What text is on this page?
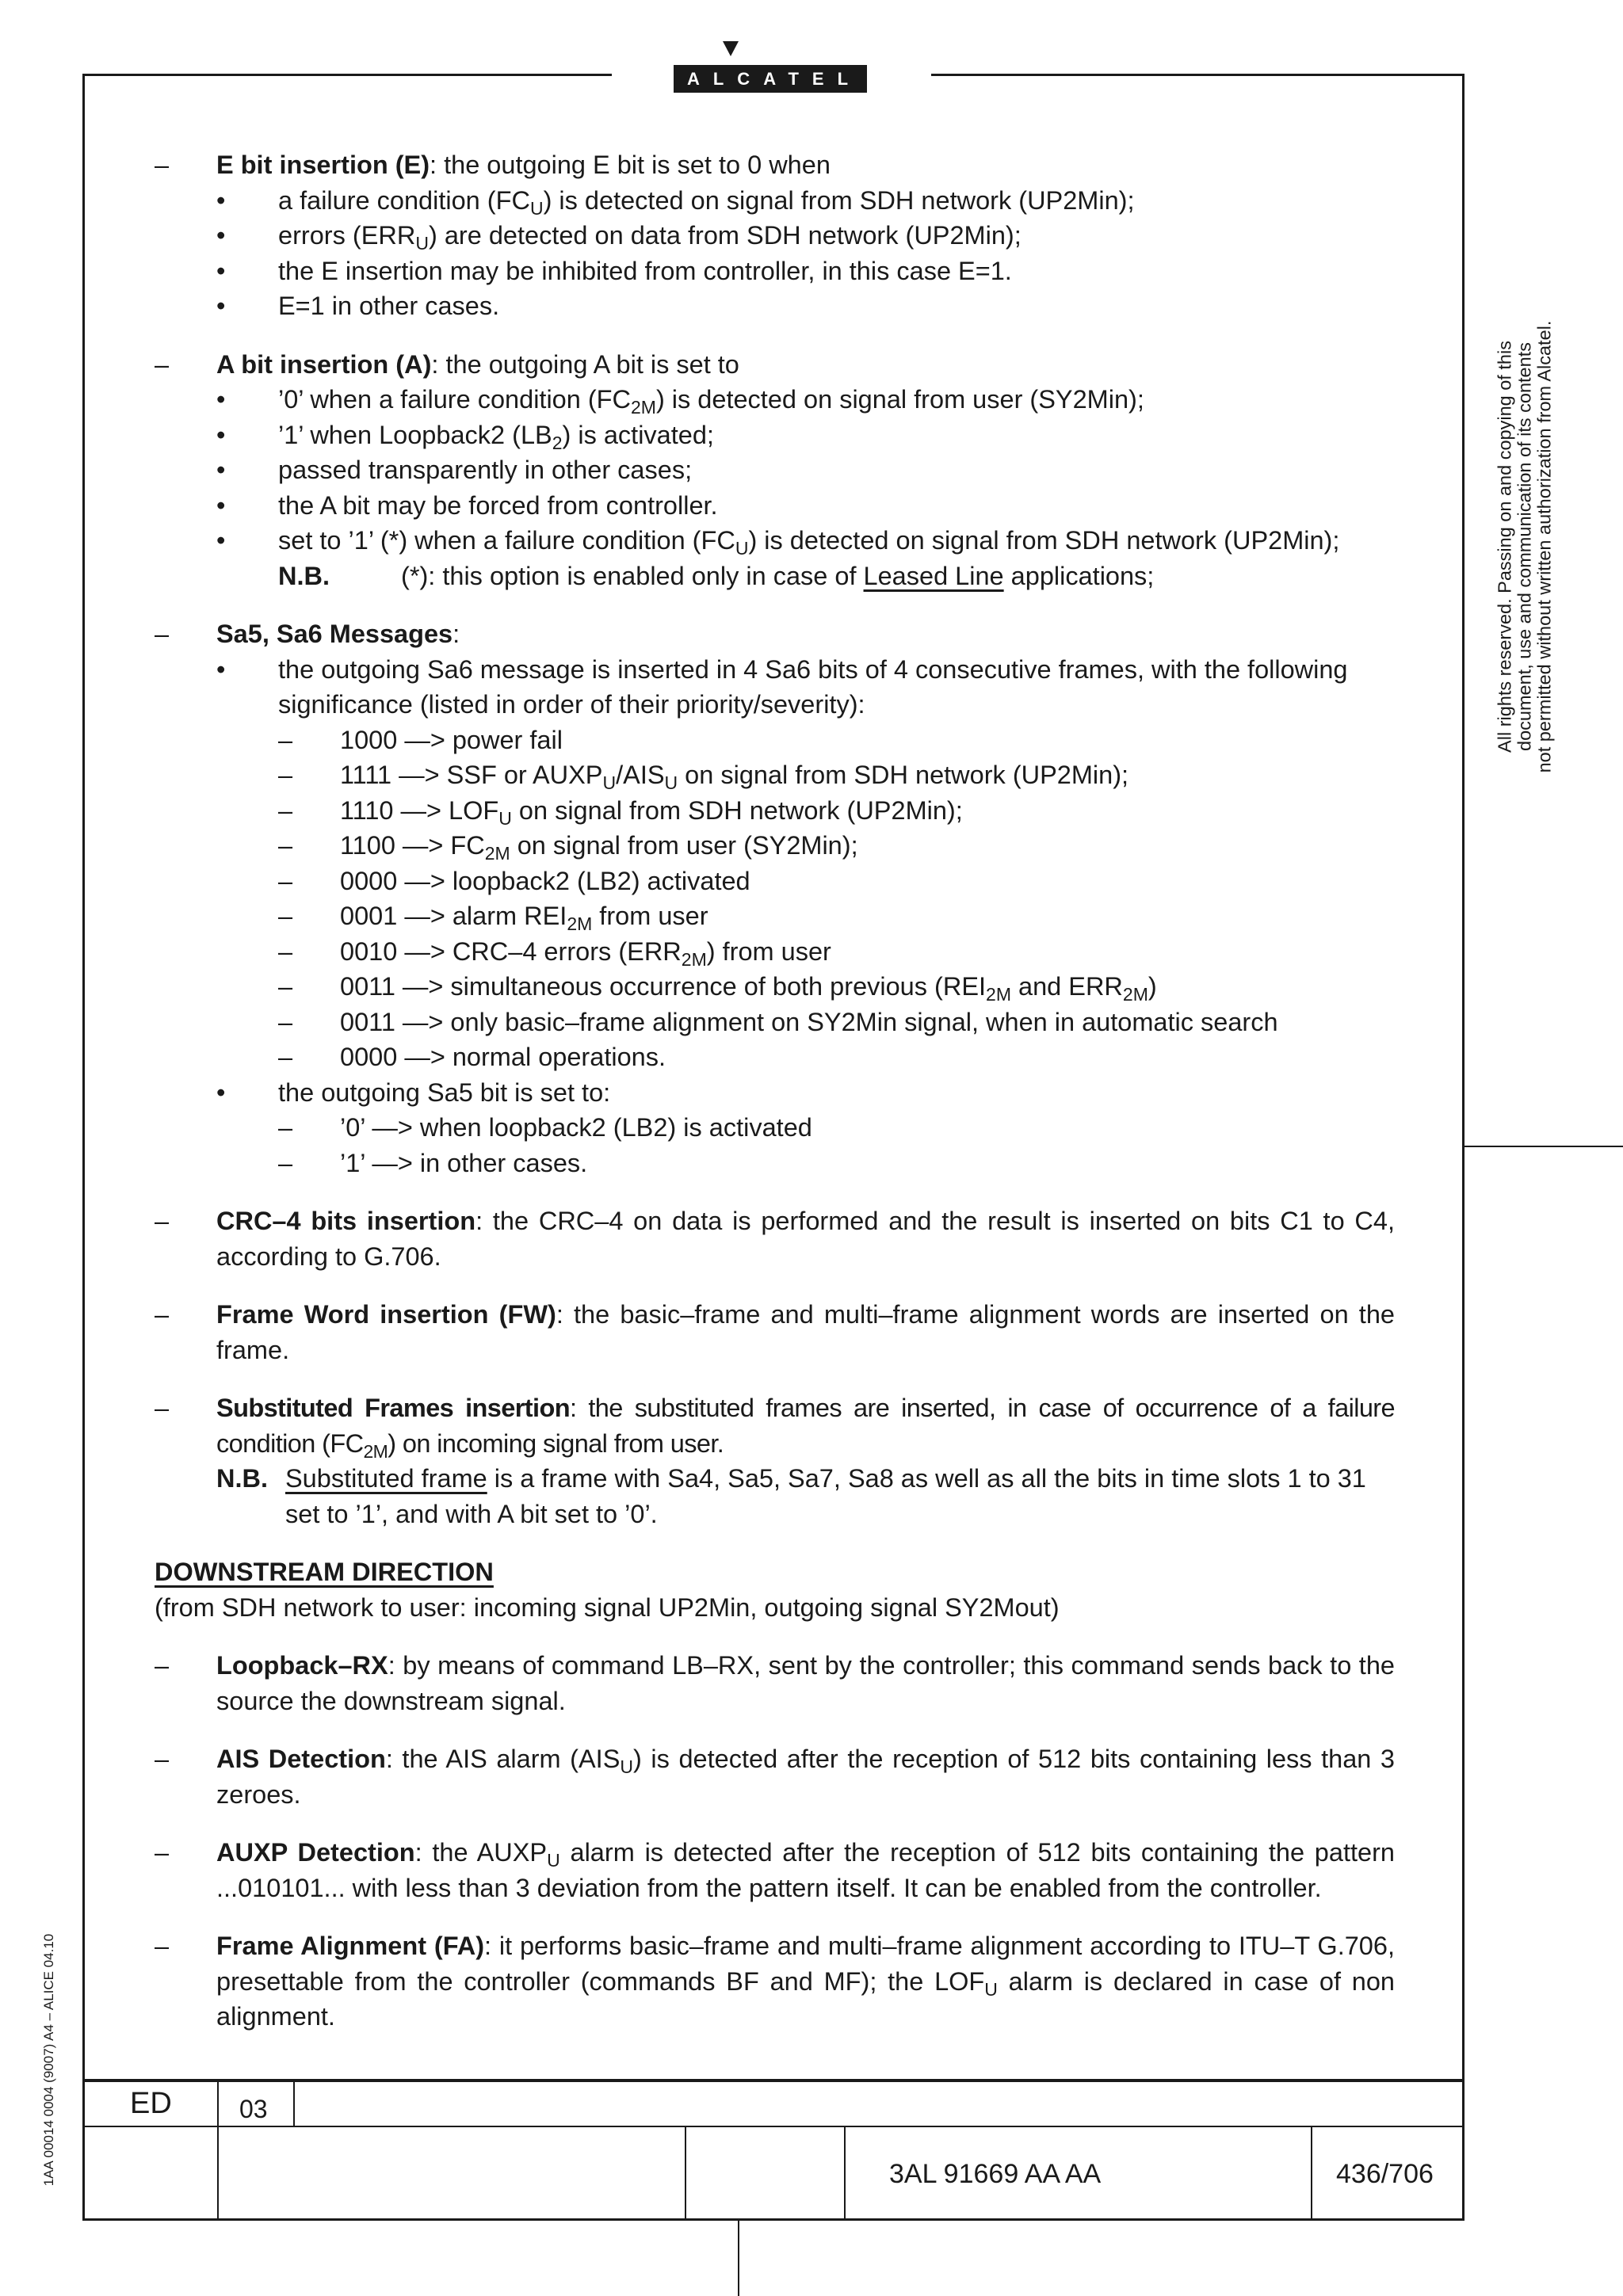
ALCATEL
All rights reserved. Passing on and copying of this document, use and communication of its contents not permitted without written authorization from Alcatel.
1AA 00014 0004 (9007) A4 – ALICE 04.10
– E bit insertion (E): the outgoing E bit is set to 0 when
• a failure condition $(FC_U)$ is detected on signal from SDH network (UP2Min);
• errors $(ERR_U)$ are detected on data from SDH network (UP2Min);
• the E insertion may be inhibited from controller, in this case E=1.
• E=1 in other cases.
– A bit insertion (A): the outgoing A bit is set to
• ’0’ when a failure condition $(FC_{2M})$ is detected on signal from user (SY2Min);
• ’1’ when Loopback2 $(LB_2)$ is activated;
• passed transparently in other cases;
• the A bit may be forced from controller.
• set to ’1’ (*) when a failure condition $(FC_U)$ is detected on signal from SDH network (UP2Min);
N.B.	(*): this option is enabled only in case of Leased Line applications;
– Sa5, Sa6 Messages:
• the outgoing Sa6 message is inserted in 4 Sa6 bits of 4 consecutive frames, with the following significance (listed in order of their priority/severity):
– 1000 —> power fail
– 1111 —> SSF or $AUXP_U/AIS_U$ on signal from SDH network (UP2Min);
– 1110 —> $LOF_U$ on signal from SDH network (UP2Min);
– 1100 —> $FC_{2M}$ on signal from user (SY2Min);
– 0000 —> loopback2 (LB2) activated
– 0001 —> alarm $REI_{2M}$ from user
– 0010 —> CRC–4 errors $(ERR_{2M})$ from user
– 0011 —> simultaneous occurrence of both previous ($REI_{2M}$ and $ERR_{2M}$)
– 0011 —> only basic–frame alignment on SY2Min signal, when in automatic search
– 0000 —> normal operations.
• the outgoing Sa5 bit is set to:
– ’0’ —> when loopback2 (LB2) is activated
– ’1’ —> in other cases.
– CRC–4 bits insertion: the CRC–4 on data is performed and the result is inserted on bits C1 to C4, according to G.706.
– Frame Word insertion (FW): the basic–frame and multi–frame alignment words are inserted on the frame.
– Substituted Frames insertion: the substituted frames are inserted, in case of occurrence of a failure condition $(FC_{2M})$ on incoming signal from user.
N.B. Substituted frame is a frame with Sa4, Sa5, Sa7, Sa8 as well as all the bits in time slots 1 to 31 set to ’1’, and with A bit set to ’0’.
DOWNSTREAM DIRECTION
(from SDH network to user: incoming signal UP2Min, outgoing signal SY2Mout)
– Loopback–RX: by means of command LB–RX, sent by the controller; this command sends back to the source the downstream signal.
– AIS Detection: the AIS alarm $(AIS_U)$ is detected after the reception of 512 bits containing less than 3 zeroes.
– AUXP Detection: the $AUXP_U$ alarm is detected after the reception of 512 bits containing the pattern ...010101... with less than 3 deviation from the pattern itself. It can be enabled from the controller.
– Frame Alignment (FA): it performs basic–frame and multi–frame alignment according to ITU–T G.706, presettable from the controller (commands BF and MF); the $LOF_U$ alarm is declared in case of non alignment.
ED	03
3AL 91669 AA AA	436/706
